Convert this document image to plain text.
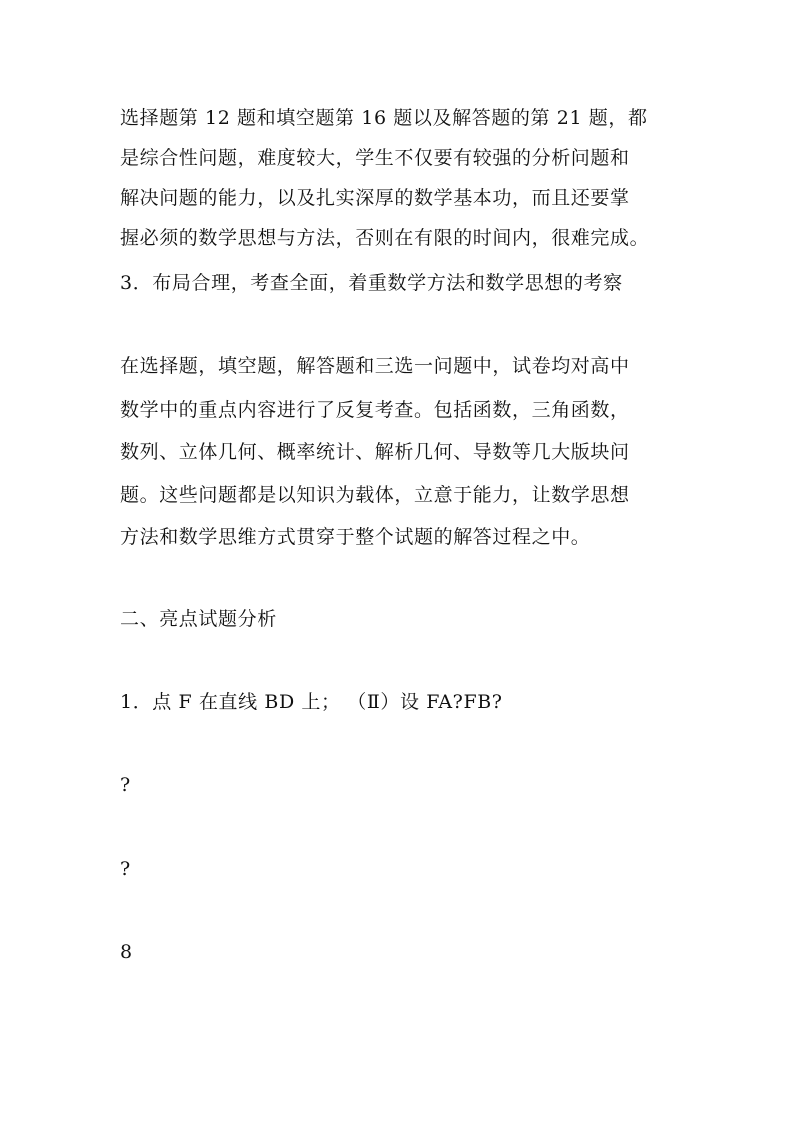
选择题第 12 题和填空题第 16 题以及解答题的第 21 题，都
是综合性问题，难度较大，学生不仅要有较强的分析问题和
解决问题的能力，以及扎实深厚的数学基本功，而且还要掌
握必须的数学思想与方法，否则在有限的时间内，很难完成。
3．布局合理，考查全面，着重数学方法和数学思想的考察
在选择题，填空题，解答题和三选一问题中，试卷均对高中
数学中的重点内容进行了反复考查。包括函数，三角函数，
数列、立体几何、概率统计、解析几何、导数等几大版块问
题。这些问题都是以知识为载体，立意于能力，让数学思想
方法和数学思维方式贯穿于整个试题的解答过程之中。
二、亮点试题分析
1．点 F 在直线 BD 上； （Ⅱ）设 FA?FB?
?
?
8
